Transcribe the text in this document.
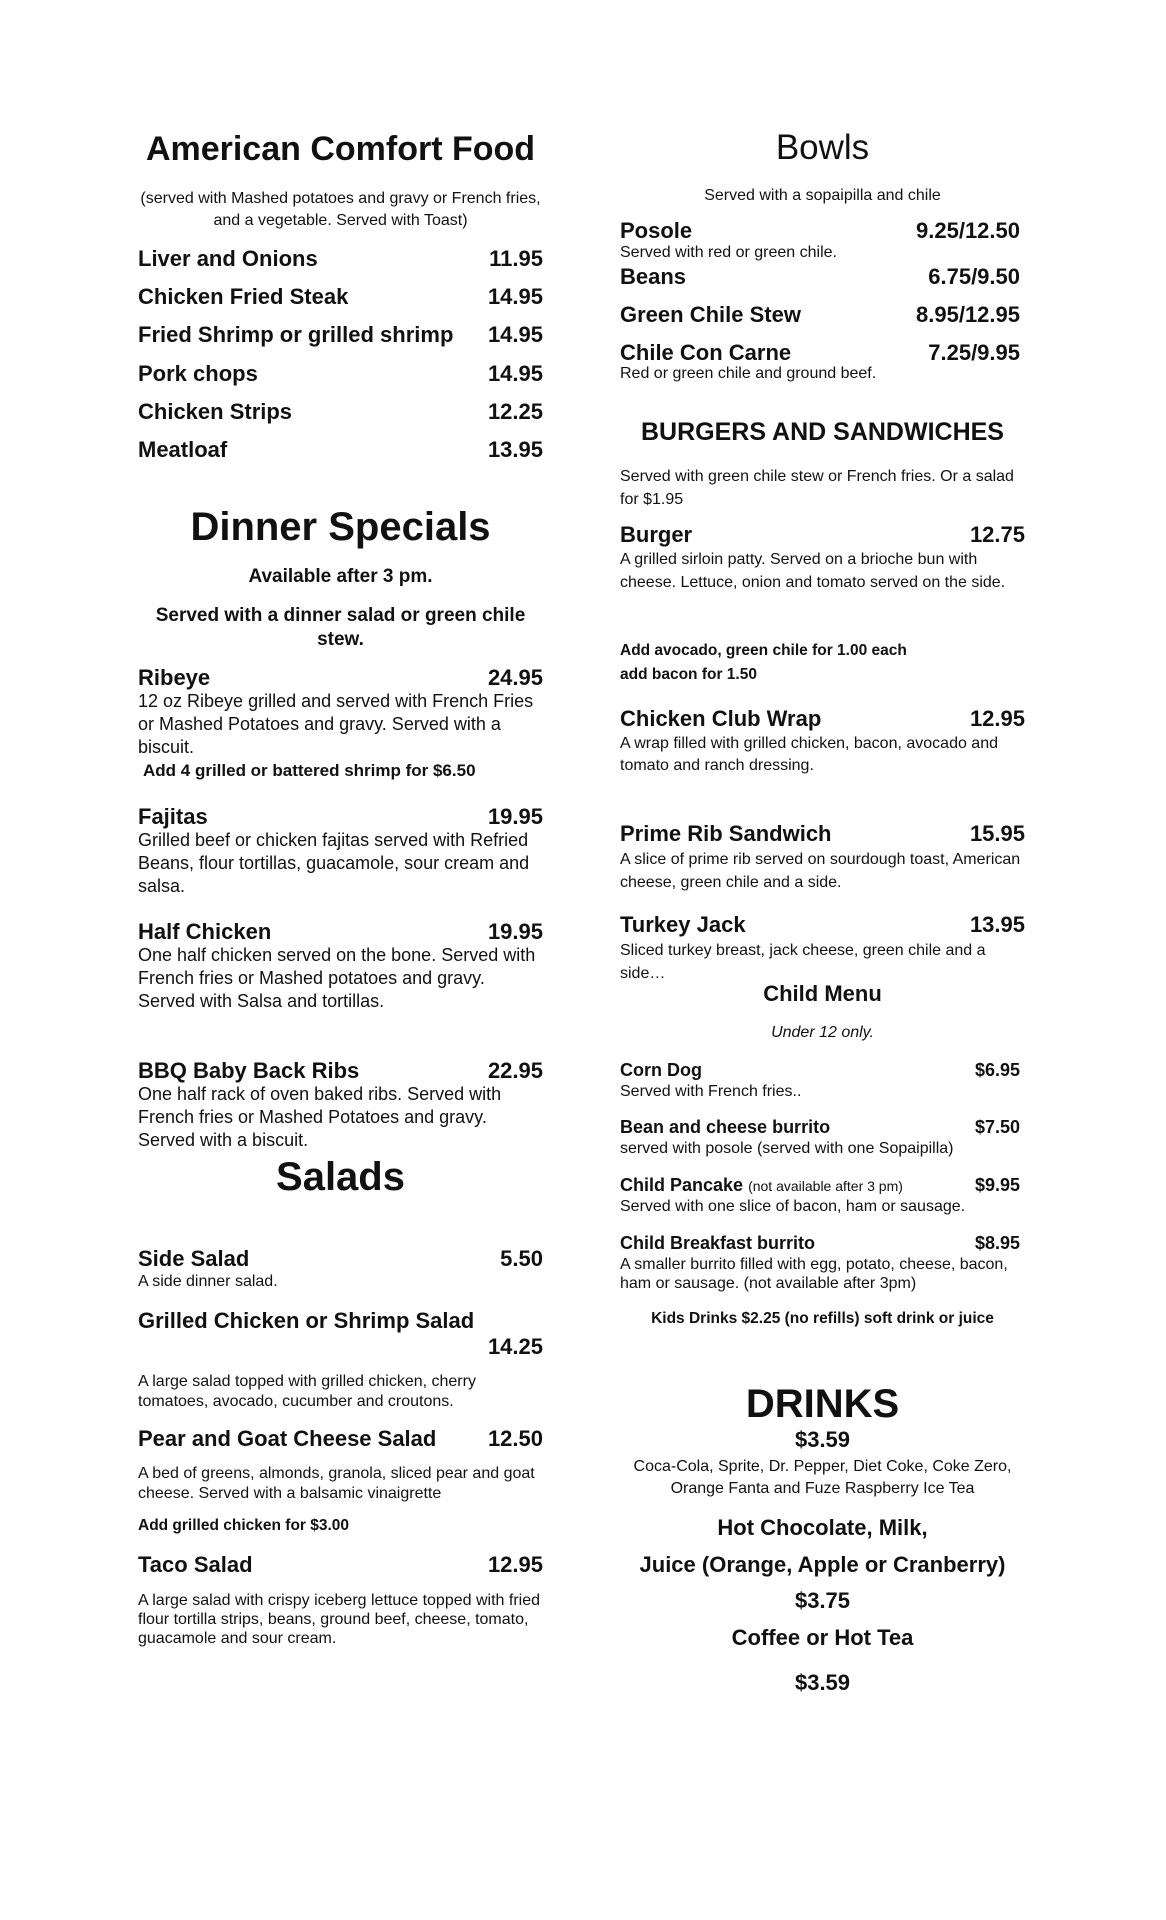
American Comfort Food
(served with Mashed potatoes and gravy or French fries, and a vegetable. Served with Toast)
Liver and Onions	11.95
Chicken Fried Steak	14.95
Fried Shrimp or grilled shrimp 14.95
Pork chops	14.95
Chicken Strips	12.25
Meatloaf	13.95
Dinner Specials
Available after 3 pm.
Served with a dinner salad or green chile stew.
Ribeye	24.95
12 oz Ribeye grilled and served with French Fries or Mashed Potatoes and gravy. Served with a biscuit.
Add 4 grilled or battered shrimp for $6.50
Fajitas	19.95
Grilled beef or chicken fajitas served with Refried Beans, flour tortillas, guacamole, sour cream and salsa.
Half Chicken	19.95
One half chicken served on the bone. Served with French fries or Mashed potatoes and gravy. Served with Salsa and tortillas.
BBQ Baby Back Ribs	22.95
One half rack of oven baked ribs. Served with French fries or Mashed Potatoes and gravy. Served with a biscuit.
Salads
Side Salad	5.50
A side dinner salad.
Grilled Chicken or Shrimp Salad
14.25
A large salad topped with grilled chicken, cherry tomatoes, avocado, cucumber and croutons.
Pear and Goat Cheese Salad 12.50
A bed of greens, almonds, granola, sliced pear and goat cheese. Served with a balsamic vinaigrette
Add grilled chicken for $3.00
Taco Salad	12.95
A large salad with crispy iceberg lettuce topped with fried flour tortilla strips, beans, ground beef, cheese, tomato, guacamole and sour cream.
Bowls
Served with a sopaipilla and chile
Posole	9.25/12.50
Served with red or green chile.
Beans	6.75/9.50
Green Chile Stew	8.95/12.95
Chile Con Carne	7.25/9.95
Red or green chile and ground beef.
BURGERS AND SANDWICHES
Served with green chile stew or French fries. Or a salad for $1.95
Burger	12.75
A grilled sirloin patty. Served on a brioche bun with cheese. Lettuce, onion and tomato served on the side.
Add avocado, green chile for 1.00 each
add bacon for 1.50
Chicken Club Wrap	12.95
A wrap filled with grilled chicken, bacon, avocado and tomato and ranch dressing.
Prime Rib Sandwich	15.95
A slice of prime rib served on sourdough toast, American cheese, green chile and a side.
Turkey Jack	13.95
Sliced turkey breast, jack cheese, green chile and a side…
Child Menu
Under 12 only.
Corn Dog	$6.95
Served with French fries..
Bean and cheese burrito	$7.50
served with posole (served with one Sopaipilla)
Child Pancake (not available after 3 pm)	$9.95
Served with one slice of bacon, ham or sausage.
Child Breakfast burrito	$8.95
A smaller burrito filled with egg, potato, cheese, bacon, ham or sausage. (not available after 3pm)
Kids Drinks $2.25 (no refills) soft drink or juice
DRINKS
$3.59
Coca-Cola, Sprite, Dr. Pepper, Diet Coke, Coke Zero, Orange Fanta and Fuze Raspberry Ice Tea
Hot Chocolate, Milk,
Juice (Orange, Apple or Cranberry)
$3.75
Coffee or Hot Tea
$3.59
